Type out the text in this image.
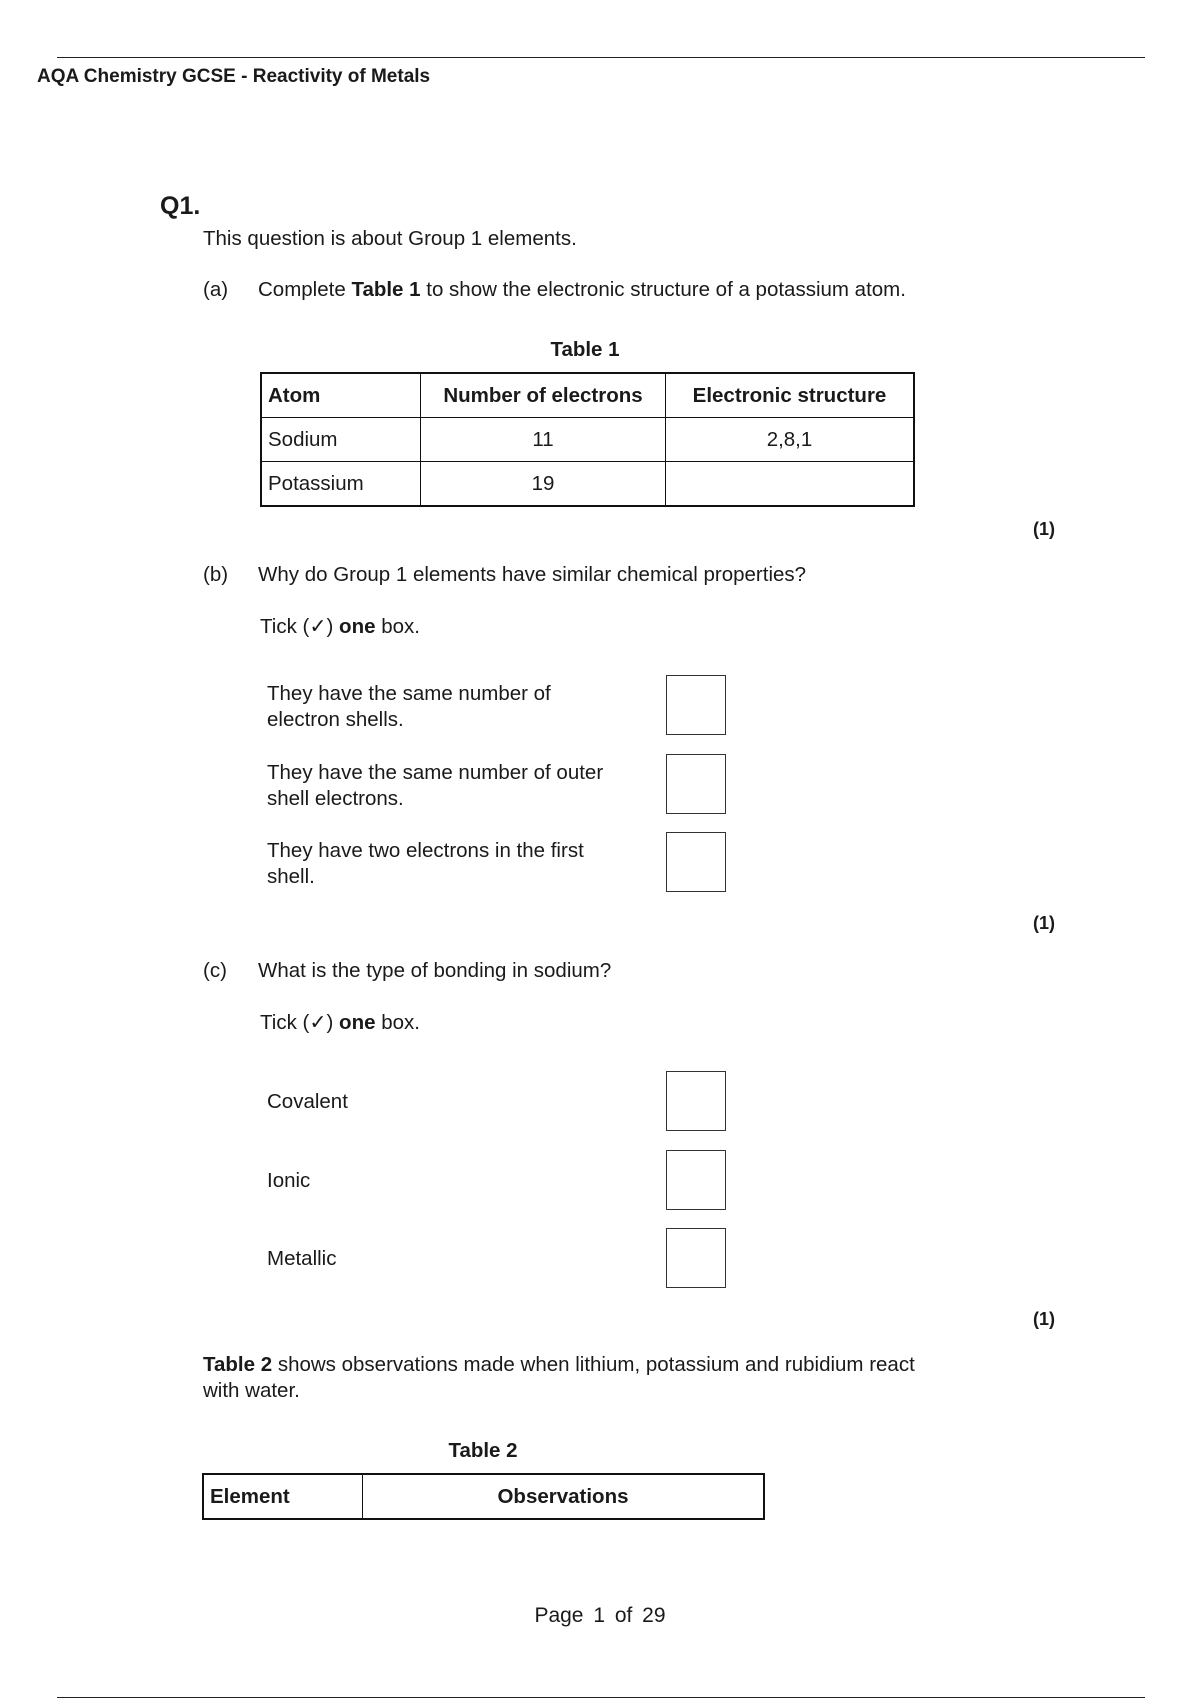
AQA Chemistry GCSE - Reactivity of Metals
Q1.
This question is about Group 1 elements.
(a) Complete Table 1 to show the electronic structure of a potassium atom.
Table 1
Atom	Number of electrons	Electronic structure
Sodium	11	2,8,1
Potassium	19	
(1)
(b) Why do Group 1 elements have similar chemical properties?
Tick (✓) one box.
They have the same number of
electron shells.
They have the same number of outer
shell electrons.
They have two electrons in the first
shell.
(1)
(c) What is the type of bonding in sodium?
Tick (✓) one box.
Covalent
Ionic
Metallic
(1)
Table 2 shows observations made when lithium, potassium and rubidium react
with water.
Table 2
Element	Observations
Page 1 of 29
